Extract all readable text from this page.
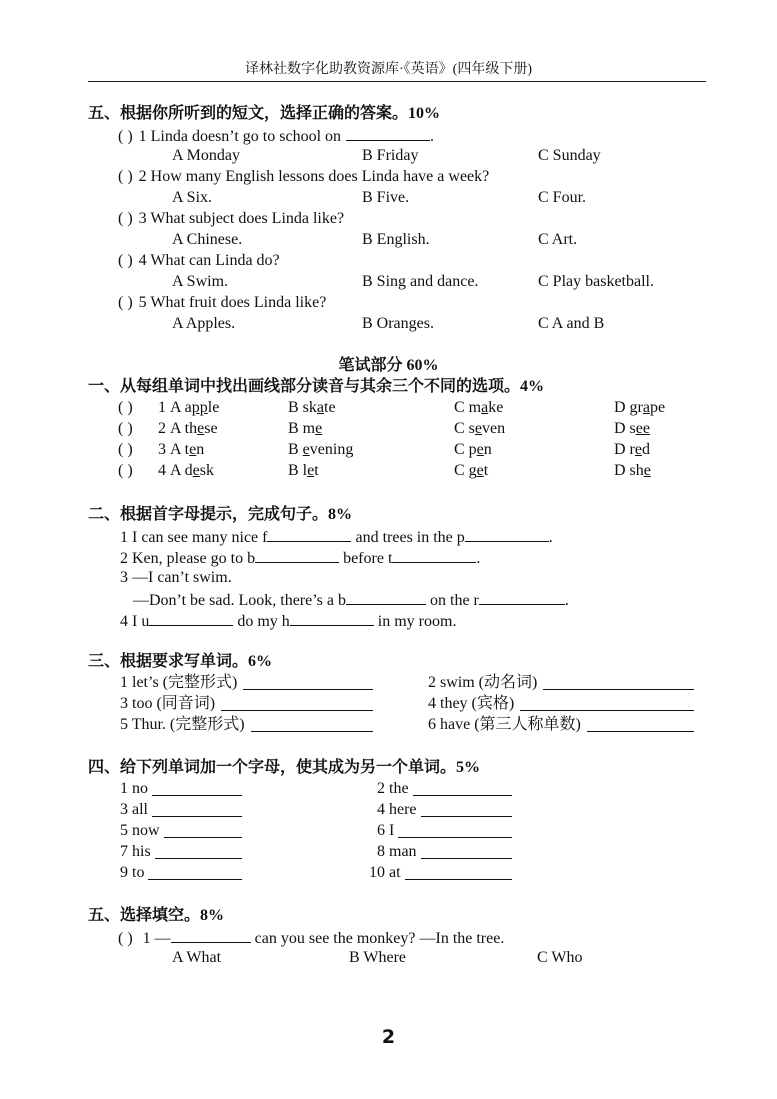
译林社数字化助教资源库·《英语》(四年级下册)
五、根据你所听到的短文，选择正确的答案。10%
( ) 1 Linda doesn’t go to school on	.
A Monday	B Friday	C Sunday
( ) 2 How many English lessons does Linda have a week?
A Six.	B Five.	C Four.
( ) 3 What subject does Linda like?
A Chinese.	B English.	C Art.
( ) 4 What can Linda do?
A Swim.	B Sing and dance.	C Play basketball.
( ) 5 What fruit does Linda like?
A Apples.	B Oranges.	C A and B
笔试部分 60%
一、从每组单词中找出画线部分读音与其余三个不同的选项。4%
( ) 1 A apple	B skate	C make	D grape
( ) 2 A these	B me	C seven	D see
( ) 3 A ten	B evening	C pen	D red
( ) 4 A desk	B let	C get	D she
二、根据首字母提示，完成句子。8%
1 I can see many nice f	and trees in the p	.
2 Ken, please go to b	before t	.
3 —I can’t swim.
—Don’t be sad. Look, there’s a b	on the r	.
4 I u	do my h	in my room.
三、根据要求写单词。6%
1 let’s (完整形式)	2 swim (动名词)
3 too (同音词)	4 they (宾格)
5 Thur. (完整形式)	6 have (第三人称单数)
四、给下列单词加一个字母，使其成为另一个单词。5%
1 no	2 the
3 all	4 here
5 now	6 I
7 his	8 man
9 to	10 at
五、选择填空。8%
( ) 1 —	can you see the monkey? —In the tree.
A What	B Where	C Who
2
